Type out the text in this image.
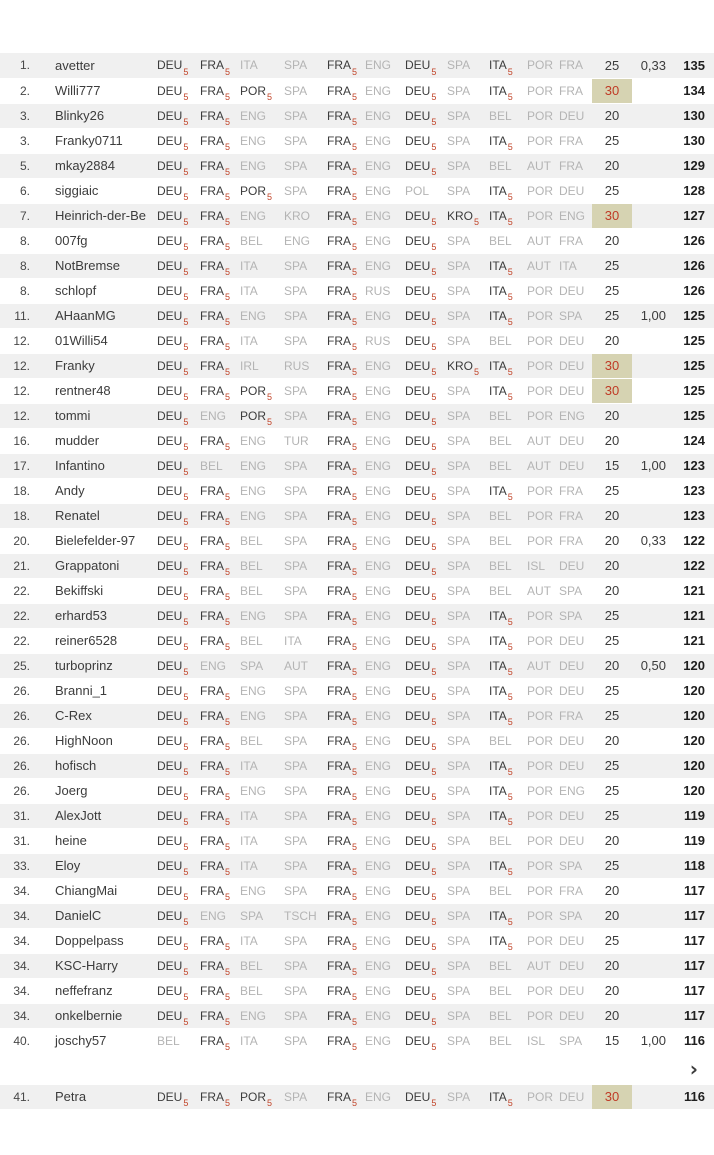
1.	avetter	$DEU_5$	$FRA_5$	ITA	SPA	$FRA_5$	ENG	$DEU_5$	SPA	$ITA_5$	POR	FRA	25	0,33	135
2.	Willi777	$DEU_5$	$FRA_5$	$POR_5$	SPA	$FRA_5$	ENG	$DEU_5$	SPA	$ITA_5$	POR	FRA	30		134
3.	Blinky26	$DEU_5$	$FRA_5$	ENG	SPA	$FRA_5$	ENG	$DEU_5$	SPA	BEL	POR	DEU	20		130
3.	Franky0711	$DEU_5$	$FRA_5$	ENG	SPA	$FRA_5$	ENG	$DEU_5$	SPA	$ITA_5$	POR	FRA	25		130
5.	mkay2884	$DEU_5$	$FRA_5$	ENG	SPA	$FRA_5$	ENG	$DEU_5$	SPA	BEL	AUT	FRA	20		129
6.	siggiaic	$DEU_5$	$FRA_5$	$POR_5$	SPA	$FRA_5$	ENG	POL	SPA	$ITA_5$	POR	DEU	25		128
7.	Heinrich-der-Be	$DEU_5$	$FRA_5$	ENG	KRO	$FRA_5$	ENG	$DEU_5$	$KRO_5$	$ITA_5$	POR	ENG	30		127
8.	007fg	$DEU_5$	$FRA_5$	BEL	ENG	$FRA_5$	ENG	$DEU_5$	SPA	BEL	AUT	FRA	20		126
8.	NotBremse	$DEU_5$	$FRA_5$	ITA	SPA	$FRA_5$	ENG	$DEU_5$	SPA	$ITA_5$	AUT	ITA	25		126
8.	schlopf	$DEU_5$	$FRA_5$	ITA	SPA	$FRA_5$	RUS	$DEU_5$	SPA	$ITA_5$	POR	DEU	25		126
11.	AHaanMG	$DEU_5$	$FRA_5$	ENG	SPA	$FRA_5$	ENG	$DEU_5$	SPA	$ITA_5$	POR	SPA	25	1,00	125
12.	01Willi54	$DEU_5$	$FRA_5$	ITA	SPA	$FRA_5$	RUS	$DEU_5$	SPA	BEL	POR	DEU	20		125
12.	Franky	$DEU_5$	$FRA_5$	IRL	RUS	$FRA_5$	ENG	$DEU_5$	$KRO_5$	$ITA_5$	POR	DEU	30		125
12.	rentner48	$DEU_5$	$FRA_5$	$POR_5$	SPA	$FRA_5$	ENG	$DEU_5$	SPA	$ITA_5$	POR	DEU	30		125
12.	tommi	$DEU_5$	ENG	$POR_5$	SPA	$FRA_5$	ENG	$DEU_5$	SPA	BEL	POR	ENG	20		125
16.	mudder	$DEU_5$	$FRA_5$	ENG	TUR	$FRA_5$	ENG	$DEU_5$	SPA	BEL	AUT	DEU	20		124
17.	Infantino	$DEU_5$	BEL	ENG	SPA	$FRA_5$	ENG	$DEU_5$	SPA	BEL	AUT	DEU	15	1,00	123
18.	Andy	$DEU_5$	$FRA_5$	ENG	SPA	$FRA_5$	ENG	$DEU_5$	SPA	$ITA_5$	POR	FRA	25		123
18.	Renatel	$DEU_5$	$FRA_5$	ENG	SPA	$FRA_5$	ENG	$DEU_5$	SPA	BEL	POR	FRA	20		123
20.	Bielefelder-97	$DEU_5$	$FRA_5$	BEL	SPA	$FRA_5$	ENG	$DEU_5$	SPA	BEL	POR	FRA	20	0,33	122
21.	Grappatoni	$DEU_5$	$FRA_5$	BEL	SPA	$FRA_5$	ENG	$DEU_5$	SPA	BEL	ISL	DEU	20		122
22.	Bekiffski	$DEU_5$	$FRA_5$	BEL	SPA	$FRA_5$	ENG	$DEU_5$	SPA	BEL	AUT	SPA	20		121
22.	erhard53	$DEU_5$	$FRA_5$	ENG	SPA	$FRA_5$	ENG	$DEU_5$	SPA	$ITA_5$	POR	SPA	25		121
22.	reiner6528	$DEU_5$	$FRA_5$	BEL	ITA	$FRA_5$	ENG	$DEU_5$	SPA	$ITA_5$	POR	DEU	25		121
25.	turboprinz	$DEU_5$	ENG	SPA	AUT	$FRA_5$	ENG	$DEU_5$	SPA	$ITA_5$	AUT	DEU	20	0,50	120
26.	Branni_1	$DEU_5$	$FRA_5$	ENG	SPA	$FRA_5$	ENG	$DEU_5$	SPA	$ITA_5$	POR	DEU	25		120
26.	C-Rex	$DEU_5$	$FRA_5$	ENG	SPA	$FRA_5$	ENG	$DEU_5$	SPA	$ITA_5$	POR	FRA	25		120
26.	HighNoon	$DEU_5$	$FRA_5$	BEL	SPA	$FRA_5$	ENG	$DEU_5$	SPA	BEL	POR	DEU	20		120
26.	hofisch	$DEU_5$	$FRA_5$	ITA	SPA	$FRA_5$	ENG	$DEU_5$	SPA	$ITA_5$	POR	DEU	25		120
26.	Joerg	$DEU_5$	$FRA_5$	ENG	SPA	$FRA_5$	ENG	$DEU_5$	SPA	$ITA_5$	POR	ENG	25		120
31.	AlexJott	$DEU_5$	$FRA_5$	ITA	SPA	$FRA_5$	ENG	$DEU_5$	SPA	$ITA_5$	POR	DEU	25		119
31.	heine	$DEU_5$	$FRA_5$	ITA	SPA	$FRA_5$	ENG	$DEU_5$	SPA	BEL	POR	DEU	20		119
33.	Eloy	$DEU_5$	$FRA_5$	ITA	SPA	$FRA_5$	ENG	$DEU_5$	SPA	$ITA_5$	POR	SPA	25		118
34.	ChiangMai	$DEU_5$	$FRA_5$	ENG	SPA	$FRA_5$	ENG	$DEU_5$	SPA	BEL	POR	FRA	20		117
34.	DanielC	$DEU_5$	ENG	SPA	TSCH	$FRA_5$	ENG	$DEU_5$	SPA	$ITA_5$	POR	SPA	20		117
34.	Doppelpass	$DEU_5$	$FRA_5$	ITA	SPA	$FRA_5$	ENG	$DEU_5$	SPA	$ITA_5$	POR	DEU	25		117
34.	KSC-Harry	$DEU_5$	$FRA_5$	BEL	SPA	$FRA_5$	ENG	$DEU_5$	SPA	BEL	AUT	DEU	20		117
34.	neffefranz	$DEU_5$	$FRA_5$	BEL	SPA	$FRA_5$	ENG	$DEU_5$	SPA	BEL	POR	DEU	20		117
34.	onkelbernie	$DEU_5$	$FRA_5$	ENG	SPA	$FRA_5$	ENG	$DEU_5$	SPA	BEL	POR	DEU	20		117
40.	joschy57	BEL	$FRA_5$	ITA	SPA	$FRA_5$	ENG	$DEU_5$	SPA	BEL	ISL	SPA	15	1,00	116
›
41.	Petra	$DEU_5$	$FRA_5$	$POR_5$	SPA	$FRA_5$	ENG	$DEU_5$	SPA	$ITA_5$	POR	DEU	30		116
